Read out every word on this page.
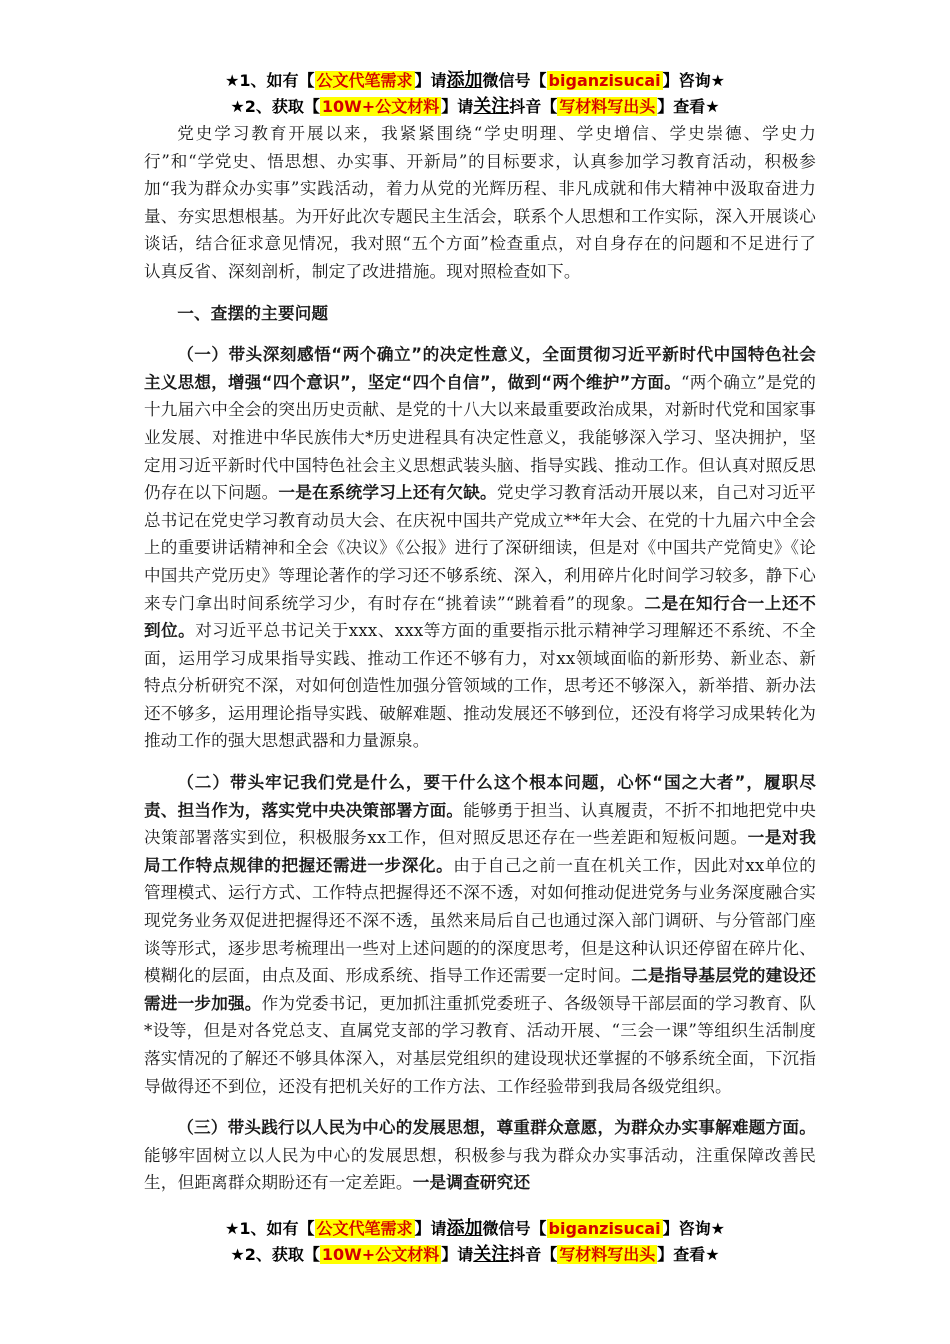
★1、如有【 公文代笔需求 】请添加微信号【 biganzisucai 】咨询★
★2、获取【 10W+公文材料 】请关注抖音【 写材料写出头 】查看★

党史学习教育开展以来，我紧紧围绕“学史明理、学史增信、学史崇德、学史力行”和“学党史、悟思想、办实事、开新局”的目标要求，认真参加学习教育活动，积极参加“我为群众办实事”实践活动，着力从党的光辉历程、非凡成就和伟大精神中汲取奋进力量、夯实思想根基。为开好此次专题民主生活会，联系个人思想和工作实际，深入开展谈心谈话，结合征求意见情况，我对照“五个方面”检查重点，对自身存在的问题和不足进行了认真反省、深刻剖析，制定了改进措施。现对照检查如下。

一、查摆的主要问题

（一）带头深刻感悟“两个确立”的决定性意义，全面贯彻习近平新时代中国特色社会主义思想，增强“四个意识”，坚定“四个自信”，做到“两个维护”方面。“两个确立”是党的十九届六中全会的突出历史贡献、是党的十八大以来最重要政治成果，对新时代党和国家事业发展、对推进中华民族伟大*历史进程具有决定性意义，我能够深入学习、坚决拥护，坚定用习近平新时代中国特色社会主义思想武装头脑、指导实践、推动工作。但认真对照反思仍存在以下问题。一是在系统学习上还有欠缺。党史学习教育活动开展以来，自己对习近平总书记在党史学习教育动员大会、在庆祝中国共产党成立**年大会、在党的十九届六中全会上的重要讲话精神和全会《决议》《公报》进行了深研细读，但是对《中国共产党简史》《论中国共产党历史》等理论著作的学习还不够系统、深入，利用碎片化时间学习较多，静下心来专门拿出时间系统学习少，有时存在“挑着读”“跳着看”的现象。二是在知行合一上还不到位。对习近平总书记关于xxx、xxx等方面的重要指示批示精神学习理解还不系统、不全面，运用学习成果指导实践、推动工作还不够有力，对xx领域面临的新形势、新业态、新特点分析研究不深，对如何创造性加强分管领域的工作，思考还不够深入，新举措、新办法还不够多，运用理论指导实践、破解难题、推动发展还不够到位，还没有将学习成果转化为推动工作的强大思想武器和力量源泉。

（二）带头牢记我们党是什么，要干什么这个根本问题，心怀“国之大者”，履职尽责、担当作为，落实党中央决策部署方面。能够勇于担当、认真履责，不折不扣地把党中央决策部署落实到位，积极服务xx工作，但对照反思还存在一些差距和短板问题。一是对我局工作特点规律的把握还需进一步深化。由于自己之前一直在机关工作，因此对xx单位的管理模式、运行方式、工作特点把握得还不深不透，对如何推动促进党务与业务深度融合实现党务业务双促进把握得还不深不透，虽然来局后自己也通过深入部门调研、与分管部门座谈等形式，逐步思考梳理出一些对上述问题的的深度思考，但是这种认识还停留在碎片化、模糊化的层面，由点及面、形成系统、指导工作还需要一定时间。二是指导基层党的建设还需进一步加强。作为党委书记，更加抓注重抓党委班子、各级领导干部层面的学习教育、队*设等，但是对各党总支、直属党支部的学习教育、活动开展、“三会一课”等组织生活制度落实情况的了解还不够具体深入，对基层党组织的建设现状还掌握的不够系统全面，下沉指导做得还不到位，还没有把机关好的工作方法、工作经验带到我局各级党组织。

（三）带头践行以人民为中心的发展思想，尊重群众意愿，为群众办实事解难题方面。能够牢固树立以人民为中心的发展思想，积极参与我为群众办实事活动，注重保障改善民生，但距离群众期盼还有一定差距。一是调查研究还

★1、如有【 公文代笔需求 】请添加微信号【 biganzisucai 】咨询★
★2、获取【 10W+公文材料 】请关注抖音【 写材料写出头 】查看★
